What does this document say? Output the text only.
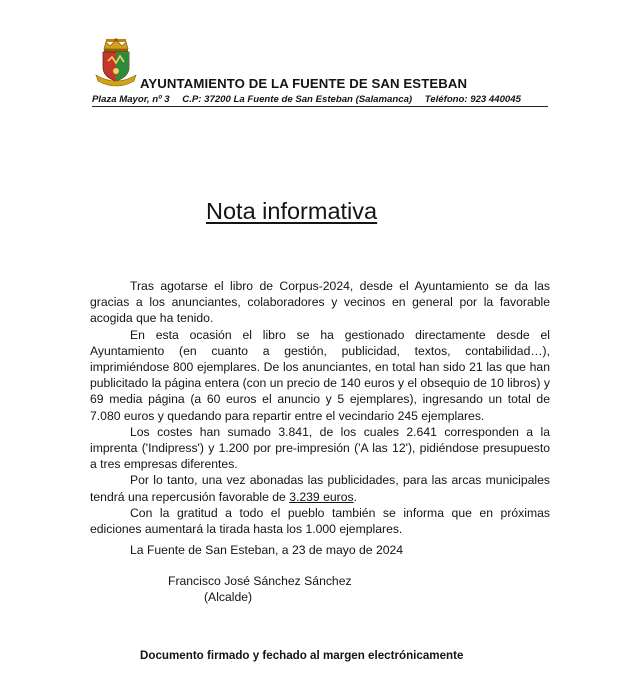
AYUNTAMIENTO DE LA FUENTE DE SAN ESTEBAN
Plaza Mayor, nº 3 C.P: 37200 La Fuente de San Esteban (Salamanca) Teléfono: 923 440045
Nota informativa

Tras agotarse el libro de Corpus-2024, desde el Ayuntamiento se da las gracias a los anunciantes, colaboradores y vecinos en general por la favorable acogida que ha tenido.

En esta ocasión el libro se ha gestionado directamente desde el Ayuntamiento (en cuanto a gestión, publicidad, textos, contabilidad…), imprimiéndose 800 ejemplares. De los anunciantes, en total han sido 21 las que han publicitado la página entera (con un precio de 140 euros y el obsequio de 10 libros) y 69 media página (a 60 euros el anuncio y 5 ejemplares), ingresando un total de 7.080 euros y quedando para repartir entre el vecindario 245 ejemplares.

Los costes han sumado 3.841, de los cuales 2.641 corresponden a la imprenta ('Indipress') y 1.200 por pre-impresión ('A las 12'), pidiéndose presupuesto a tres empresas diferentes.

Por lo tanto, una vez abonadas las publicidades, para las arcas municipales tendrá una repercusión favorable de 3.239 euros.

Con la gratitud a todo el pueblo también se informa que en próximas ediciones aumentará la tirada hasta los 1.000 ejemplares.

La Fuente de San Esteban, a 23 de mayo de 2024
Francisco José Sánchez Sánchez
(Alcalde)
Documento firmado y fechado al margen electrónicamente
